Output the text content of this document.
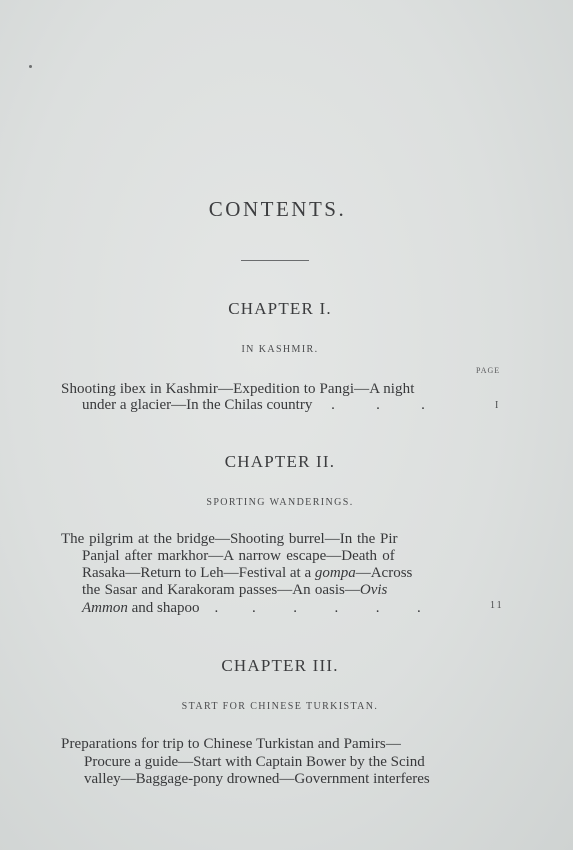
CONTENTS.
CHAPTER I.
IN KASHMIR.
PAGE
Shooting ibex in Kashmir—Expedition to Pangi—A night
under a glacier—In the Chilas country     .           .           .	I
CHAPTER II.
SPORTING WANDERINGS.
The pilgrim at the bridge—Shooting burrel—In the Pir
Panjal after markhor—A narrow escape—Death of
Rasaka—Return to Leh—Festival at a gompa—Across
the Sasar and Karakoram passes—An oasis—Ovis
Ammon and shapoo    .         .          .          .          .          .	11
CHAPTER III.
START FOR CHINESE TURKISTAN.
Preparations for trip to Chinese Turkistan and Pamirs—
Procure a guide—Start with Captain Bower by the Scind
valley—Baggage-pony drowned—Government interferes
